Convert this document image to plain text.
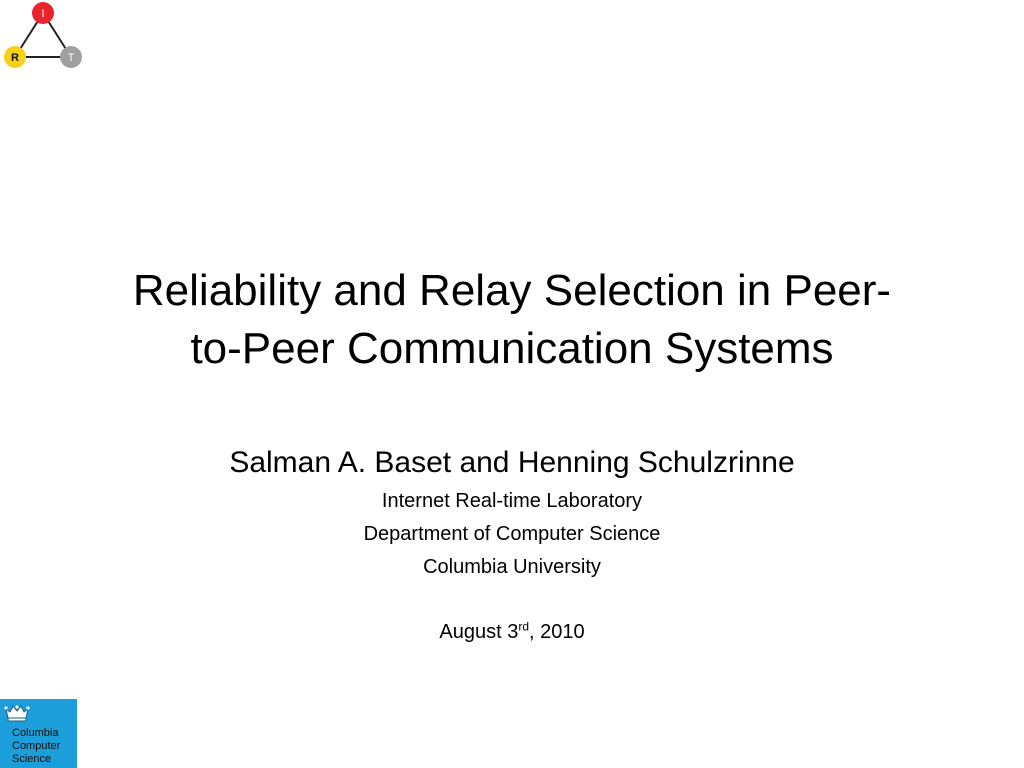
I
R	T
Reliability and Relay Selection in Peer-
to-Peer Communication Systems
Salman A. Baset and Henning Schulzrinne
Internet Real-time Laboratory
Department of Computer Science
Columbia University
August 3rd, 2010
Columbia
Computer
Science
